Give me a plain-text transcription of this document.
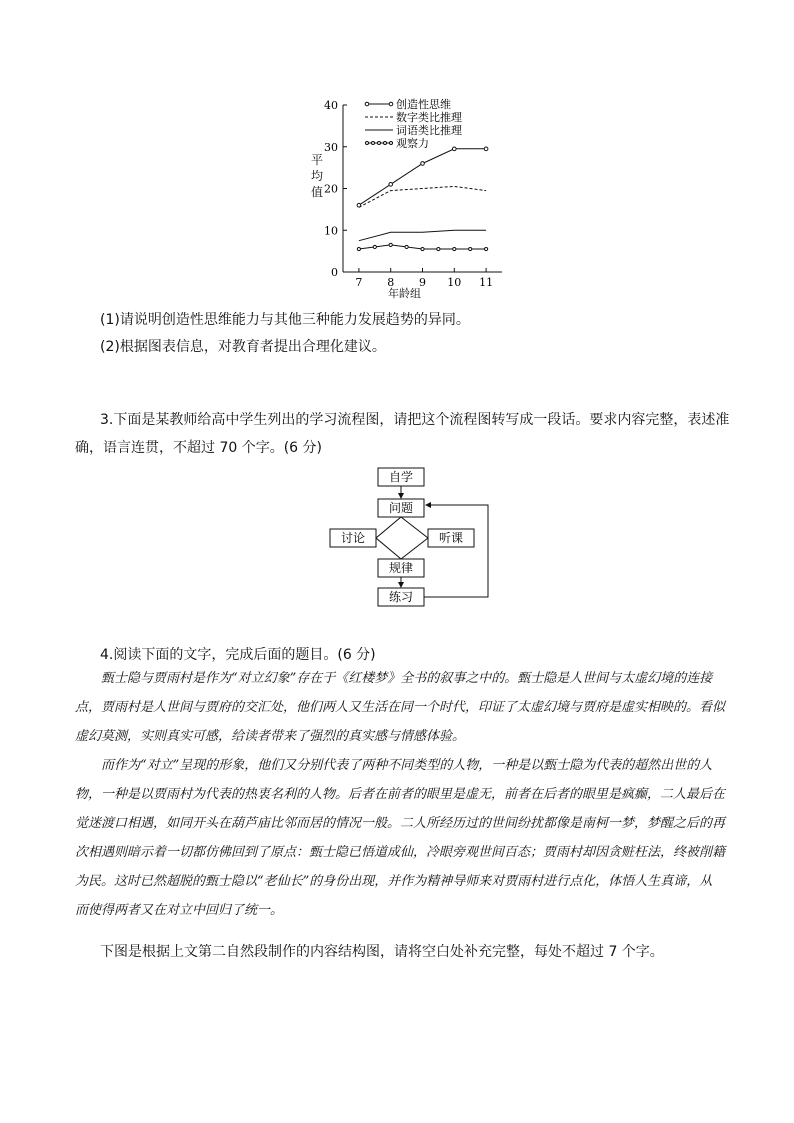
0
10
20
30
40
7 8 9 10 11
创造性思维
数字类比推理
词语类比推理
观察力
平
均
值
年龄组
(1)请说明创造性思维能力与其他三种能力发展趋势的异同。
(2)根据图表信息，对教育者提出合理化建议。
3.下面是某教师给高中学生列出的学习流程图，请把这个流程图转写成一段话。要求内容完整，表述准
确，语言连贯，不超过 70 个字。(6 分)
自学
问题
讨论	听课
规律
练习
4.阅读下面的文字，完成后面的题目。(6 分)
甄士隐与贾雨村是作为“对立幻象”存在于《红楼梦》全书的叙事之中的。甄士隐是人世间与太虚幻境的连接点，贾雨村是人世间与贾府的交汇处，他们两人又生活在同一个时代，印证了太虚幻境与贾府是虚实相映的。看似虚幻莫测，实则真实可感，给读者带来了强烈的真实感与情感体验。
而作为“对立”呈现的形象，他们又分别代表了两种不同类型的人物，一种是以甄士隐为代表的超然出世的人物，一种是以贾雨村为代表的热衷名利的人物。后者在前者的眼里是虚无，前者在后者的眼里是疯癫，二人最后在觉迷渡口相遇，如同开头在葫芦庙比邻而居的情况一般。二人所经历过的世间纷扰都像是南柯一梦，梦醒之后的再次相遇则暗示着一切都仿佛回到了原点：甄士隐已悟道成仙，冷眼旁观世间百态；贾雨村却因贪赃枉法，终被削籍为民。这时已然超脱的甄士隐以“老仙长”的身份出现，并作为精神导师来对贾雨村进行点化，体悟人生真谛，从而使得两者又在对立中回归了统一。
下图是根据上文第二自然段制作的内容结构图，请将空白处补充完整，每处不超过 7 个字。
